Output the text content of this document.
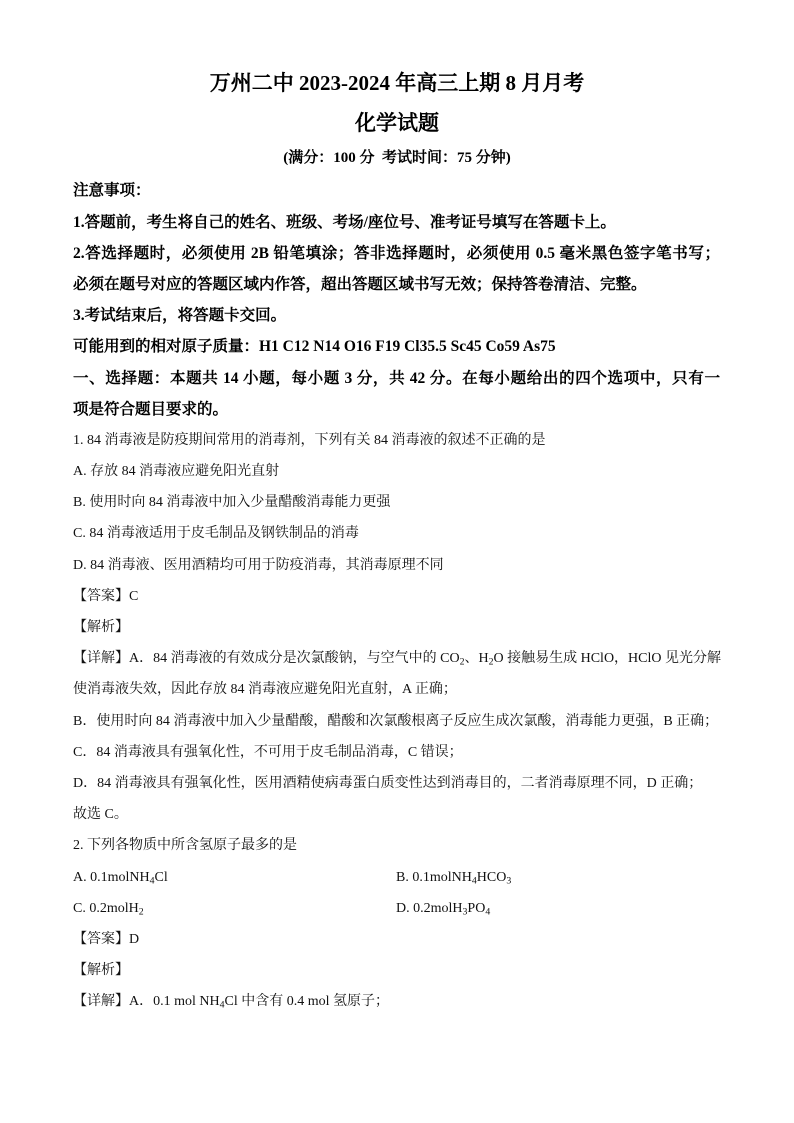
万州二中 2023-2024 年高三上期 8 月月考
化学试题
(满分：100 分  考试时间：75 分钟)
注意事项：
1.答题前，考生将自己的姓名、班级、考场/座位号、准考证号填写在答题卡上。
2.答选择题时，必须使用 2B 铅笔填涂；答非选择题时，必须使用 0.5 毫米黑色签字笔书写；
必须在题号对应的答题区域内作答，超出答题区域书写无效；保持答卷清洁、完整。
3.考试结束后，将答题卡交回。
可能用到的相对原子质量：H1 C12 N14 O16 F19 Cl35.5 Sc45 Co59 As75
一、选择题：本题共 14 小题，每小题 3 分，共 42 分。在每小题给出的四个选项中，只有一
项是符合题目要求的。
1. 84 消毒液是防疫期间常用的消毒剂，下列有关 84 消毒液的叙述不正确的是
A. 存放 84 消毒液应避免阳光直射
B. 使用时向 84 消毒液中加入少量醋酸消毒能力更强
C. 84 消毒液适用于皮毛制品及钢铁制品的消毒
D. 84 消毒液、医用酒精均可用于防疫消毒，其消毒原理不同
【答案】C
【解析】
【详解】A．84 消毒液的有效成分是次氯酸钠，与空气中的 $CO_2$、$H_2O$ 接触易生成 HClO，HClO 见光分解
使消毒液失效，因此存放 84 消毒液应避免阳光直射，A 正确；
B．使用时向 84 消毒液中加入少量醋酸，醋酸和次氯酸根离子反应生成次氯酸，消毒能力更强，B 正确；
C．84 消毒液具有强氧化性，不可用于皮毛制品消毒，C 错误；
D．84 消毒液具有强氧化性，医用酒精使病毒蛋白质变性达到消毒目的，二者消毒原理不同，D 正确；
故选 C。
2. 下列各物质中所含氢原子最多的是
A. 0.1molNH$_4$Cl	B. $0.1molNH_4HCO_3$
C. 0.2molH$_2$	D. $0.2molH_3PO_4$
【答案】D
【解析】
【详解】A．0.1 mol $NH_4Cl$ 中含有 0.4 mol 氢原子；
